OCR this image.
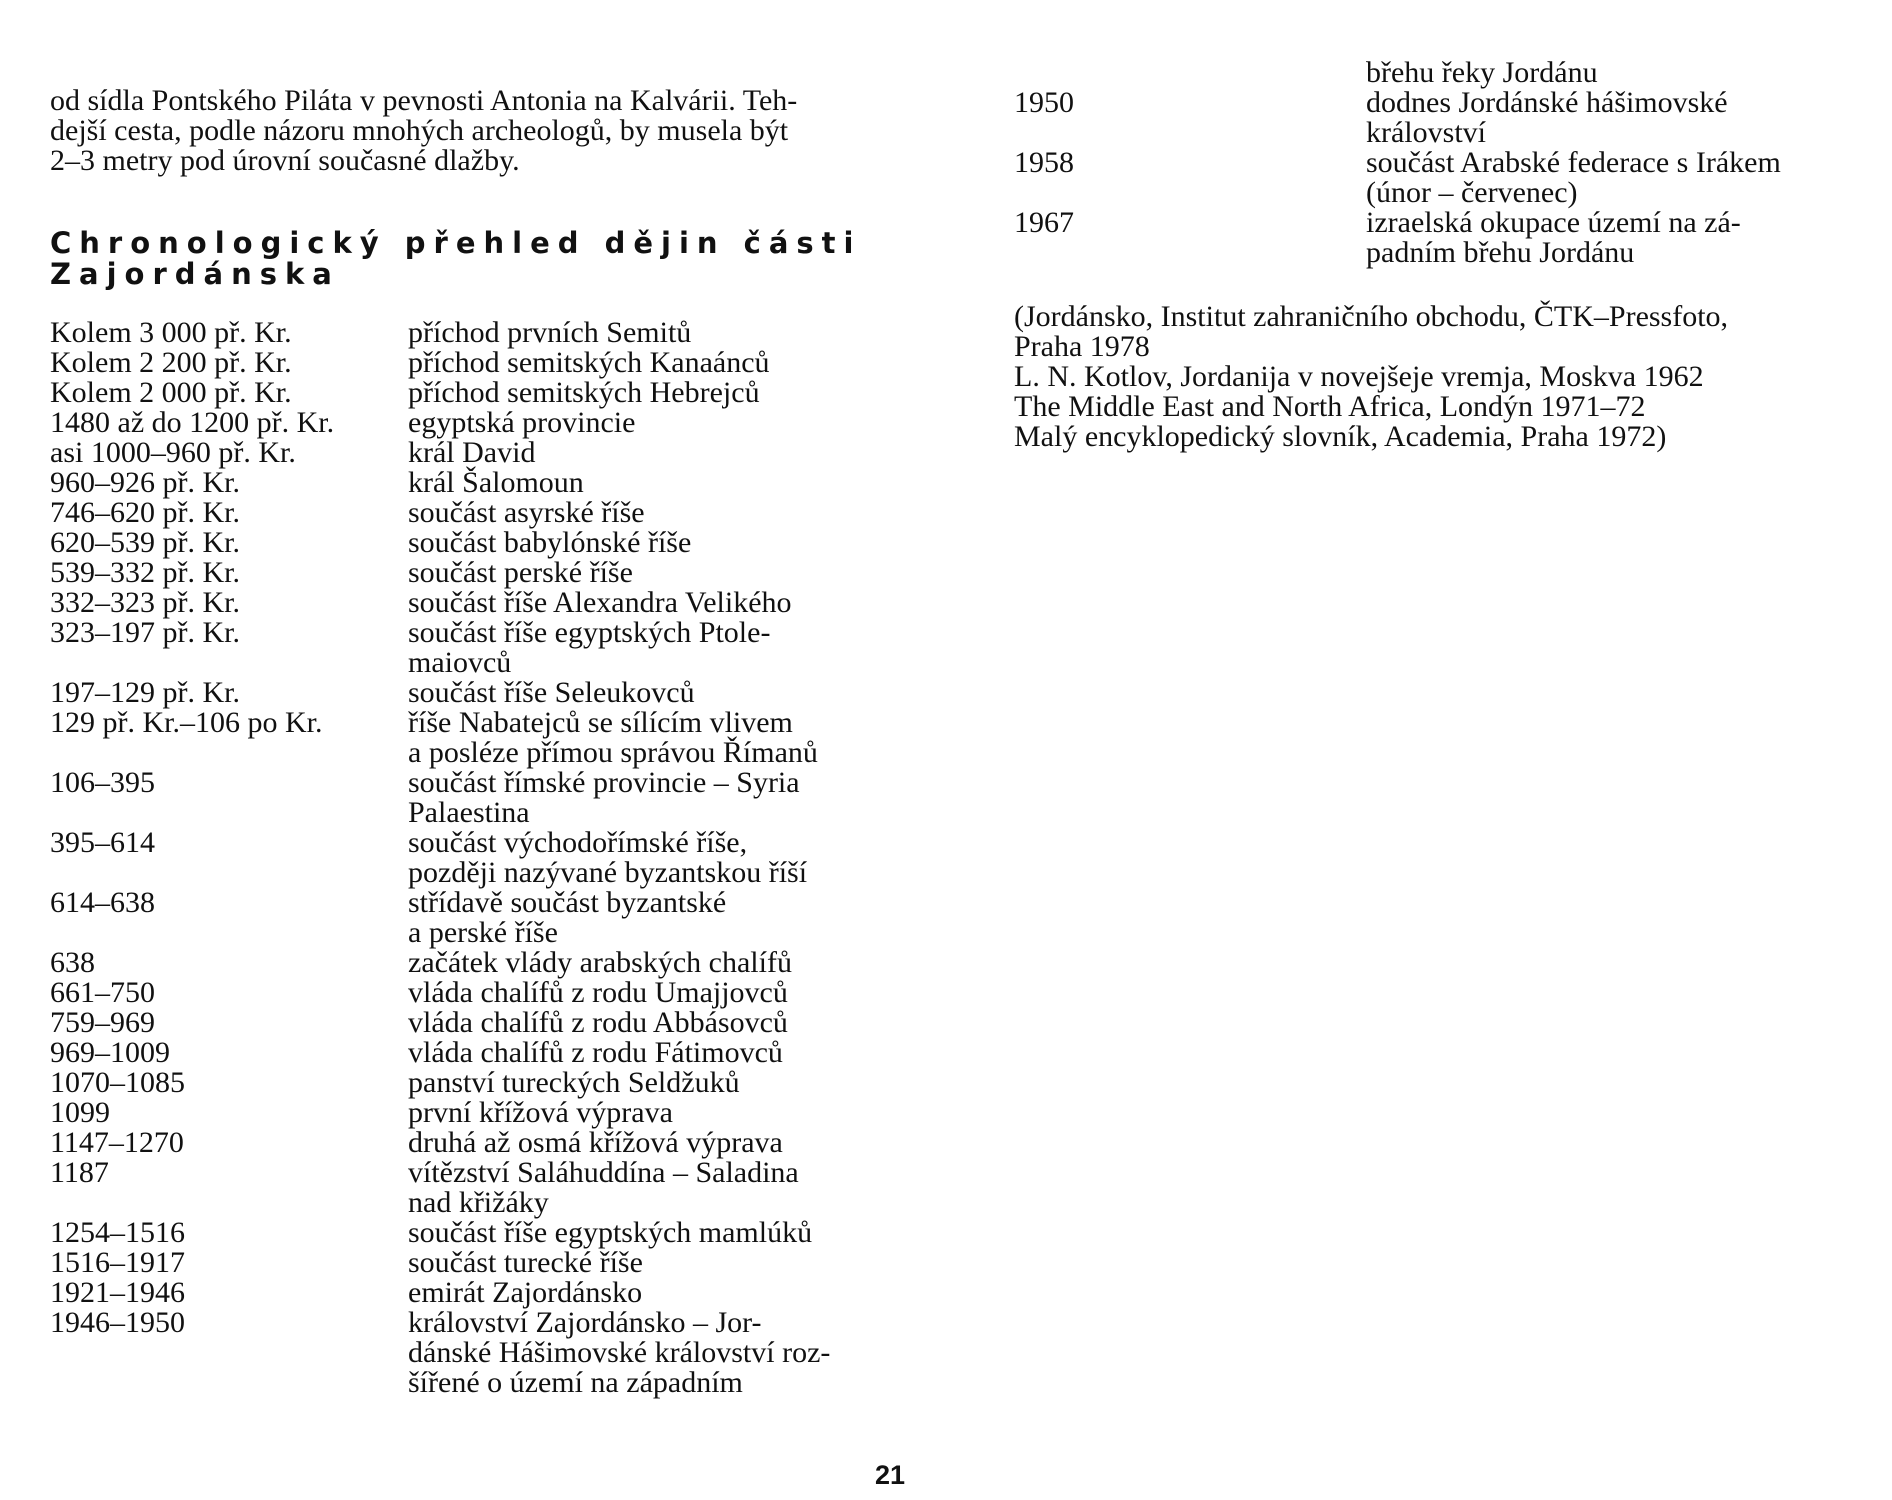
od sídla Pontského Piláta v pevnosti Antonia na Kalvárii. Teh-
dejší cesta, podle názoru mnohých archeologů, by musela být
2–3 metry pod úrovní současné dlažby.
Chronologický přehled dějin části
Zajordánska
Kolem 3 000 př. Kr.	příchod prvních Semitů
Kolem 2 200 př. Kr.	příchod semitských Kanaánců
Kolem 2 000 př. Kr.	příchod semitských Hebrejců
1480 až do 1200 př. Kr.	egyptská provincie
asi 1000–960 př. Kr.	král David
960–926 př. Kr.	král Šalomoun
746–620 př. Kr.	součást asyrské říše
620–539 př. Kr.	součást babylónské říše
539–332 př. Kr.	součást perské říše
332–323 př. Kr.	součást říše Alexandra Velikého
323–197 př. Kr.	součást říše egyptských Ptole-
maiovců
197–129 př. Kr.	součást říše Seleukovců
129 př. Kr.–106 po Kr.	říše Nabatejců se sílícím vlivem
a posléze přímou správou Římanů
106–395	součást římské provincie – Syria
Palaestina
395–614	součást východořímské říše,
později nazývané byzantskou říší
614–638	střídavě součást byzantské
a perské říše
638	začátek vlády arabských chalífů
661–750	vláda chalífů z rodu Umajjovců
759–969	vláda chalífů z rodu Abbásovců
969–1009	vláda chalífů z rodu Fátimovců
1070–1085	panství tureckých Seldžuků
1099	první křížová výprava
1147–1270	druhá až osmá křížová výprava
1187	vítězství Saláhuddína – Saladina
nad křižáky
1254–1516	součást říše egyptských mamlúků
1516–1917	součást turecké říše
1921–1946	emirát Zajordánsko
1946–1950	království Zajordánsko – Jor-
dánské Hášimovské království roz-
šířené o území na západním
břehu řeky Jordánu
1950	dodnes Jordánské hášimovské
království
1958	součást Arabské federace s Irákem
(únor – červenec)
1967	izraelská okupace území na zá-
padním břehu Jordánu
(Jordánsko, Institut zahraničního obchodu, ČTK–Pressfoto,
Praha 1978
L. N. Kotlov, Jordanija v novejšeje vremja, Moskva 1962
The Middle East and North Africa, Londýn 1971–72
Malý encyklopedický slovník, Academia, Praha 1972)
21
